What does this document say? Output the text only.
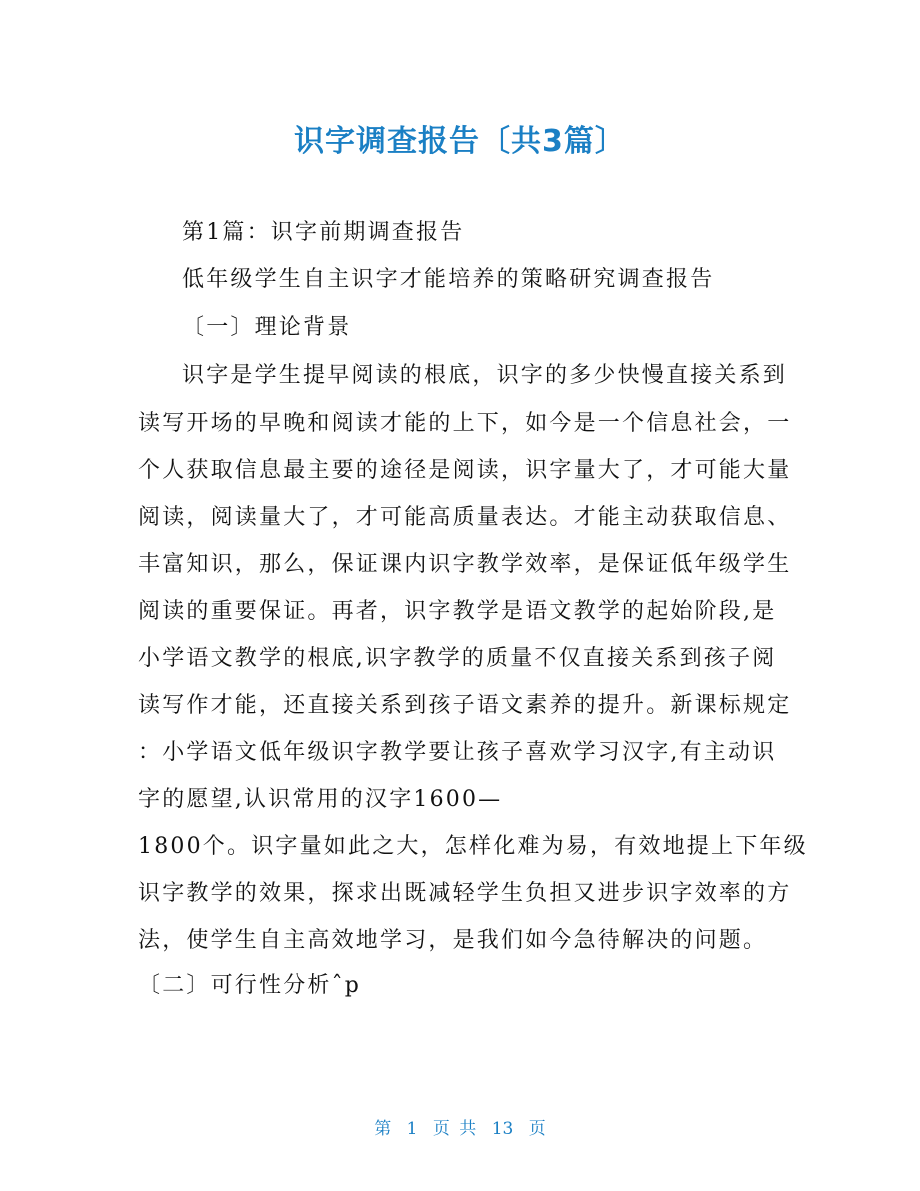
识字调查报告〔共3篇〕
第1篇：识字前期调查报告
低年级学生自主识字才能培养的策略研究调查报告
〔一〕理论背景
识字是学生提早阅读的根底，识字的多少快慢直接关系到
读写开场的早晚和阅读才能的上下，如今是一个信息社会，一
个人获取信息最主要的途径是阅读，识字量大了，才可能大量
阅读，阅读量大了，才可能高质量表达。才能主动获取信息、
丰富知识，那么，保证课内识字教学效率，是保证低年级学生
阅读的重要保证。再者，识字教学是语文教学的起始阶段,是
小学语文教学的根底,识字教学的质量不仅直接关系到孩子阅
读写作才能，还直接关系到孩子语文素养的提升。新课标规定
：小学语文低年级识字教学要让孩子喜欢学习汉字,有主动识
字的愿望,认识常用的汉字1600—
1800个。识字量如此之大，怎样化难为易，有效地提上下年级
识字教学的效果，探求出既减轻学生负担又进步识字效率的方
法，使学生自主高效地学习，是我们如今急待解决的问题。
〔二〕可行性分析ˆp
第 1 页 共 13 页
